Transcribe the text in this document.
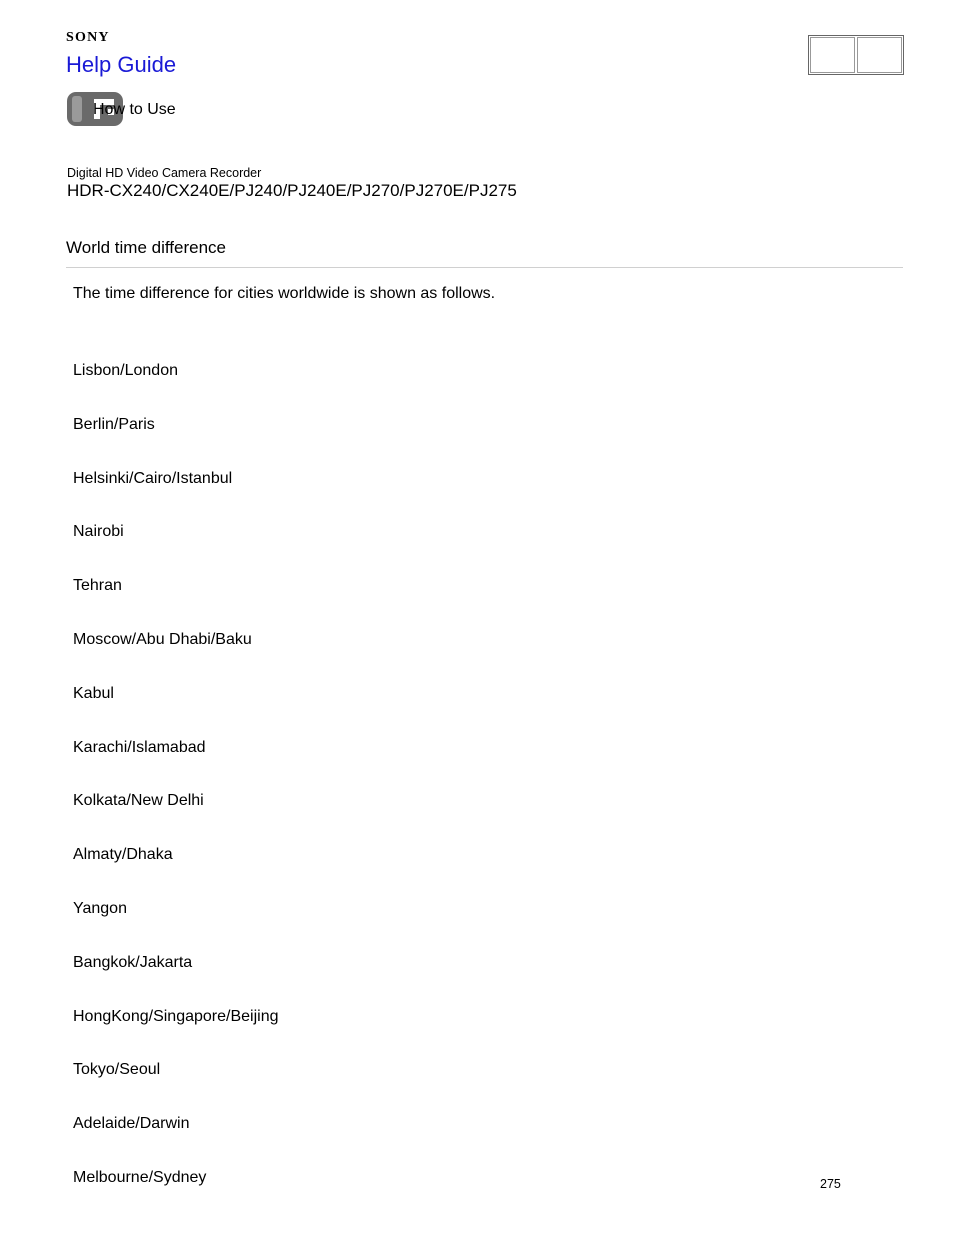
SONY
Help Guide
How to Use
Digital HD Video Camera Recorder
HDR-CX240/CX240E/PJ240/PJ240E/PJ270/PJ270E/PJ275
World time difference
The time difference for cities worldwide is shown as follows.
Lisbon/London
Berlin/Paris
Helsinki/Cairo/Istanbul
Nairobi
Tehran
Moscow/Abu Dhabi/Baku
Kabul
Karachi/Islamabad
Kolkata/New Delhi
Almaty/Dhaka
Yangon
Bangkok/Jakarta
HongKong/Singapore/Beijing
Tokyo/Seoul
Adelaide/Darwin
Melbourne/Sydney	275
